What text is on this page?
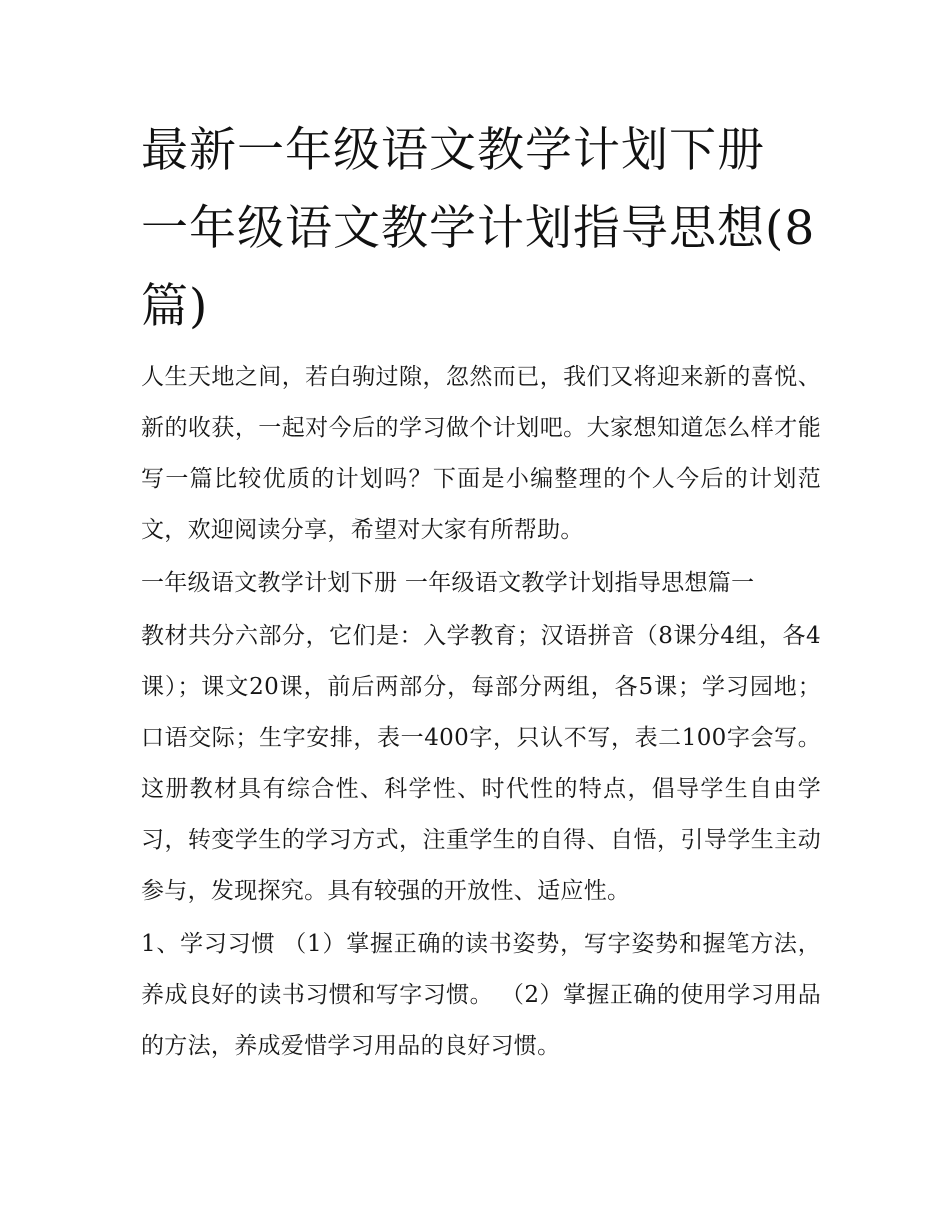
最新一年级语文教学计划下册 一年级语文教学计划指导思想(8篇)

人生天地之间，若白驹过隙，忽然而已，我们又将迎来新的喜悦、新的收获，一起对今后的学习做个计划吧。大家想知道怎么样才能写一篇比较优质的计划吗？下面是小编整理的个人今后的计划范文，欢迎阅读分享，希望对大家有所帮助。

一年级语文教学计划下册 一年级语文教学计划指导思想篇一

教材共分六部分，它们是：入学教育；汉语拼音（8课分4组，各4课）；课文20课，前后两部分，每部分两组，各5课；学习园地；口语交际；生字安排，表一400字，只认不写，表二100字会写。这册教材具有综合性、科学性、时代性的特点，倡导学生自由学习，转变学生的学习方式，注重学生的自得、自悟，引导学生主动参与，发现探究。具有较强的开放性、适应性。

1、学习习惯 （1）掌握正确的读书姿势，写字姿势和握笔方法，养成良好的读书习惯和写字习惯。 （2）掌握正确的使用学习用品的方法，养成爱惜学习用品的良好习惯。
